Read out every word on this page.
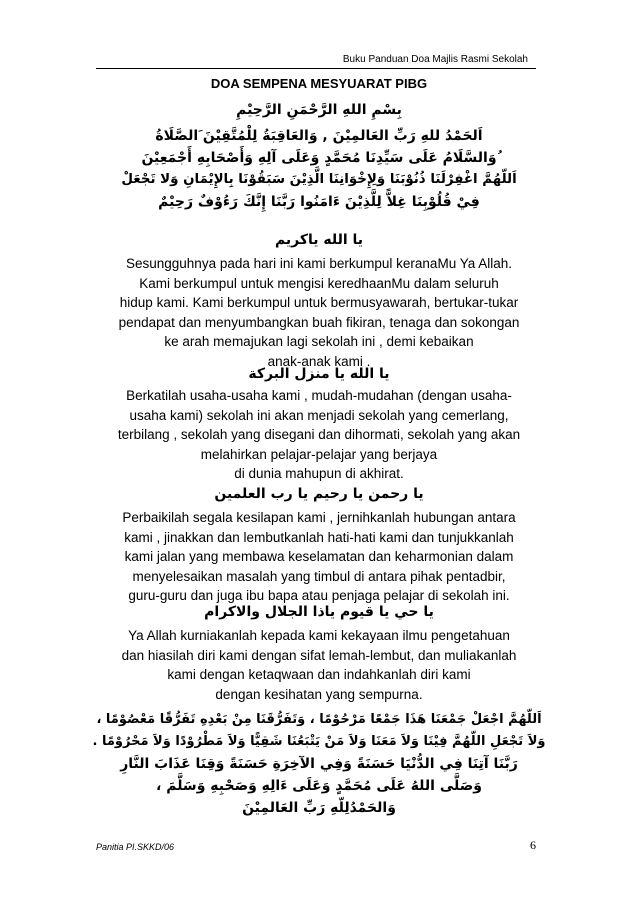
Buku Panduan Doa Majlis Rasmi Sekolah
DOA SEMPENA MESYUARAT PIBG
بِسْمِ اللهِ الرَّحْمَنِ الرَّحِيْمِ
اَلحَمْدُ للهِ رَبِّ العَالمِيْنَ , وَالعَاقِبَةُ لِلْمُتَّقِيْنَ َالصَّلَاةُ
ُوَالسَّلَامُ عَلَى سَيِّدِنَا مُحَمَّدٍ وَعَلَى آلِهِ وَأَصْحَابِهِ أَجْمَعِيْنَ
اَللّهُمَّ اغْفِرْلَنَا ذُنُوْبَنَا وَلِإِخْوَانِنَا الَّذِيْنَ سَبَقُوْنَا بِالإِيْمَانِ وَلا تَجْعَلْ
فِيْ قُلُوْبِنَا غِلاًّ لِلَّذِيْنَ ءَامَنُوا رَبَّنَا إِنَّكَ رَءُوْفٌ رَحِيْمٌ
يا الله ياكريم
Sesungguhnya pada hari ini kami berkumpul keranaMu Ya Allah.
Kami berkumpul untuk mengisi keredhaanMu dalam seluruh
hidup kami. Kami berkumpul untuk bermusyawarah, bertukar-tukar
pendapat dan menyumbangkan buah fikiran, tenaga dan sokongan
ke arah memajukan lagi sekolah ini , demi kebaikan
anak-anak kami .
يا الله يا منزل البركة
Berkatilah usaha-usaha kami , mudah-mudahan (dengan usaha-
usaha kami) sekolah ini akan menjadi sekolah yang cemerlang,
terbilang , sekolah yang disegani dan dihormati, sekolah yang akan
melahirkan pelajar-pelajar yang berjaya
di dunia mahupun di akhirat.
يا رحمن يا رحيم يا رب العلمين
Perbaikilah segala kesilapan kami , jernihkanlah hubungan antara
kami , jinakkan dan lembutkanlah hati-hati kami dan tunjukkanlah
kami jalan yang membawa keselamatan dan keharmonian dalam
menyelesaikan masalah yang timbul di antara pihak pentadbir,
guru-guru dan juga ibu bapa atau penjaga pelajar di sekolah ini.
يا حي يا قيوم ياذا الجلال والاكرام
Ya Allah kurniakanlah kepada kami kekayaan ilmu pengetahuan
dan hiasilah diri kami dengan sifat lemah-lembut, dan muliakanlah
kami dengan ketaqwaan dan indahkanlah diri kami
dengan kesihatan yang sempurna.
اَللّهُمَّ اجْعَلْ جَمْعَنَا هَذَا جَمْعًا مَرْحُوْمًا ، وَتَفَرُّقَنَا مِنْ بَعْدِهِ تَفَرُّقًا مَعْصُوْمًا ،
وَلاَ تَجْعَلِ اللّهُمَّ فِيْنَا وَلاَ مَعَنَا وَلاَ مَنْ يَتْبَعُنَا شَقِيًّا وَلاَ مَطْرُوْدًا وَلاَ مَحْرُوْمًا .
رَبَّنَا آتِنَا فِي الدُّنْيَا حَسَنَةً وَفِي الآخِرَةِ حَسَنَةً وَقِنَا عَذَابَ النَّارِ
وَصَلَّى اللهُ عَلَى مُحَمَّدٍ وَعَلَى ءَالِهِ وَصَحْبِهِ وَسَلَّمَ ،
وَالحَمْدُلِلّهِ رَبِّ العَالمِيْنَ
Panitia PI.SKKD/06	6
